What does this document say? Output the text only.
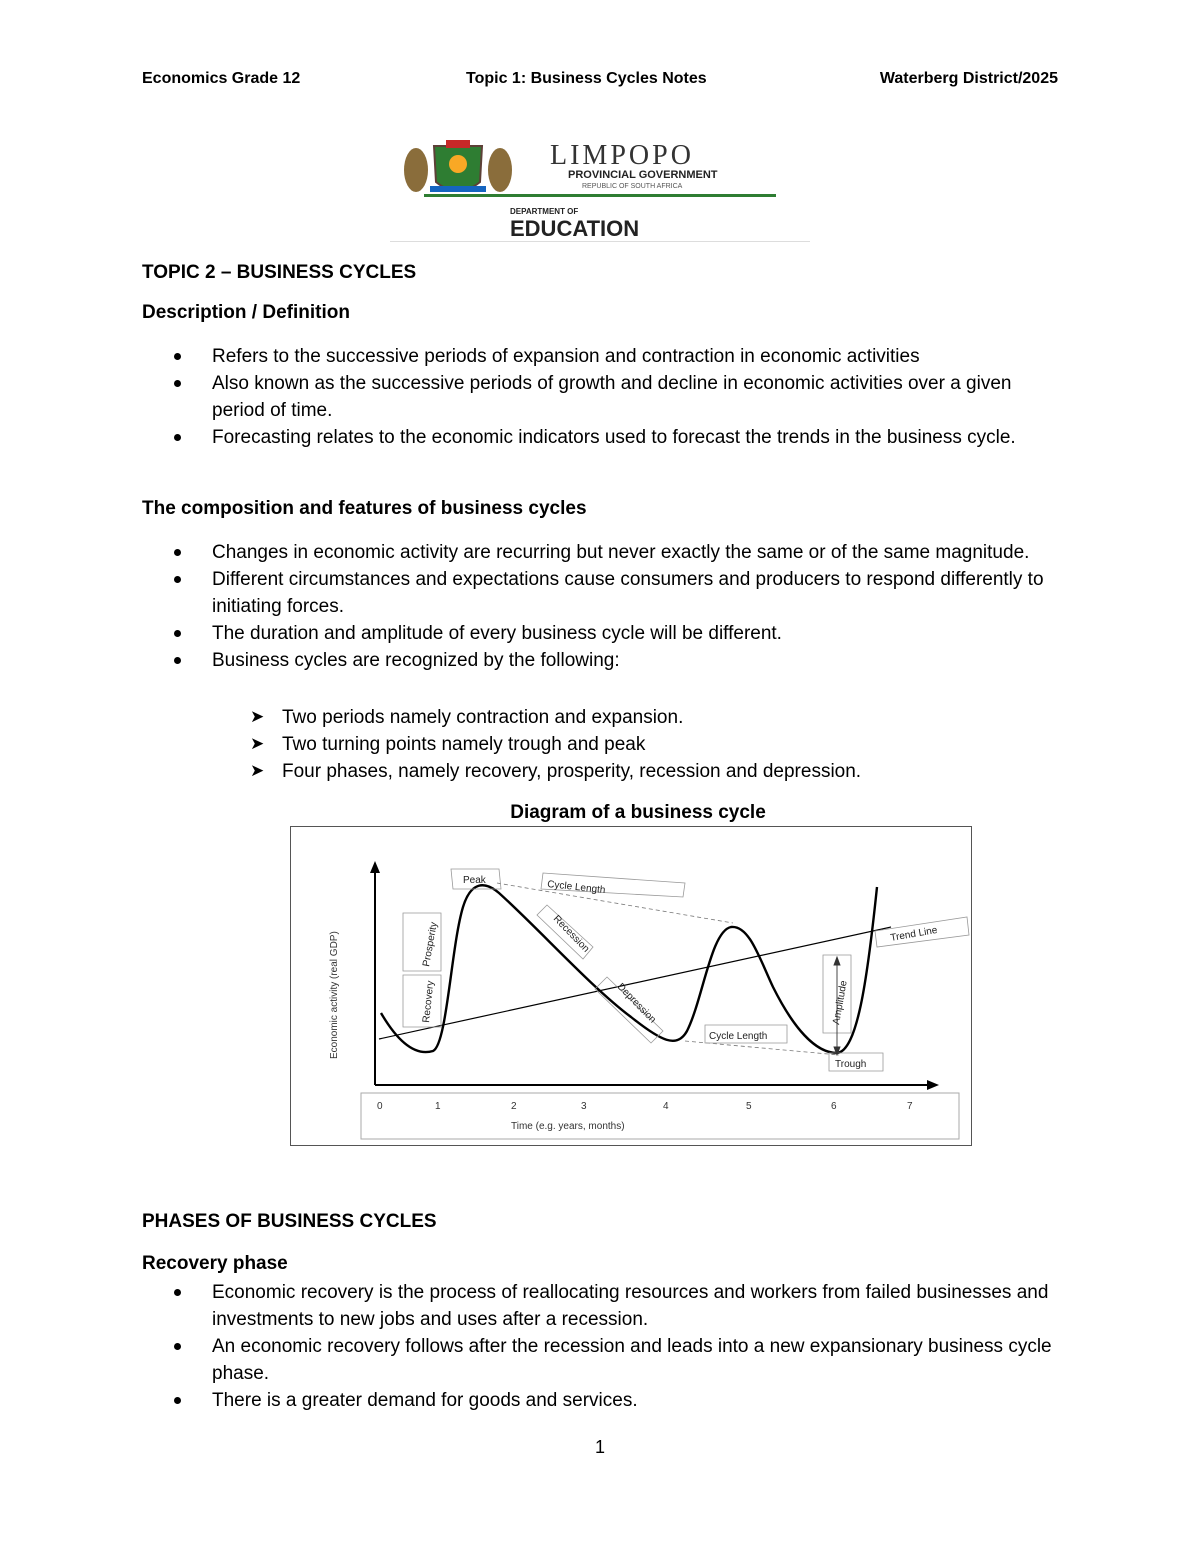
Economics Grade 12	Topic 1: Business Cycles Notes	Waterberg District/2025
LIMPOPO
PROVINCIAL GOVERNMENT
REPUBLIC OF SOUTH AFRICA
DEPARTMENT OF
EDUCATION
TOPIC 2 – BUSINESS CYCLES
Description / Definition
Refers to the successive periods of expansion and contraction in economic activities
Also known as the successive periods of growth and decline in economic activities over a given period of time.
Forecasting relates to the economic indicators used to forecast the trends in the business cycle.
The composition and features of business cycles
Changes in economic activity are recurring but never exactly the same or of the same magnitude.
Different circumstances and expectations cause consumers and producers to respond differently to initiating forces.
The duration and amplitude of every business cycle will be different.
Business cycles are recognized by the following:
➤ Two periods namely contraction and expansion.
➤ Two turning points namely trough and peak
➤ Four phases, namely recovery, prosperity, recession and depression.
Diagram of a business cycle
Economic activity (real GDP)
0	1	2	3	4	5	6	7
Time (e.g. years, months)
Peak	Cycle Length
Recession
Prosperity
Recovery	Depression
Cycle Length
Amplitude
Trough
Trend Line
PHASES OF BUSINESS CYCLES
Recovery phase
Economic recovery is the process of reallocating resources and workers from failed businesses and investments to new jobs and uses after a recession.
An economic recovery follows after the recession and leads into a new expansionary business cycle phase.
There is a greater demand for goods and services.
1
